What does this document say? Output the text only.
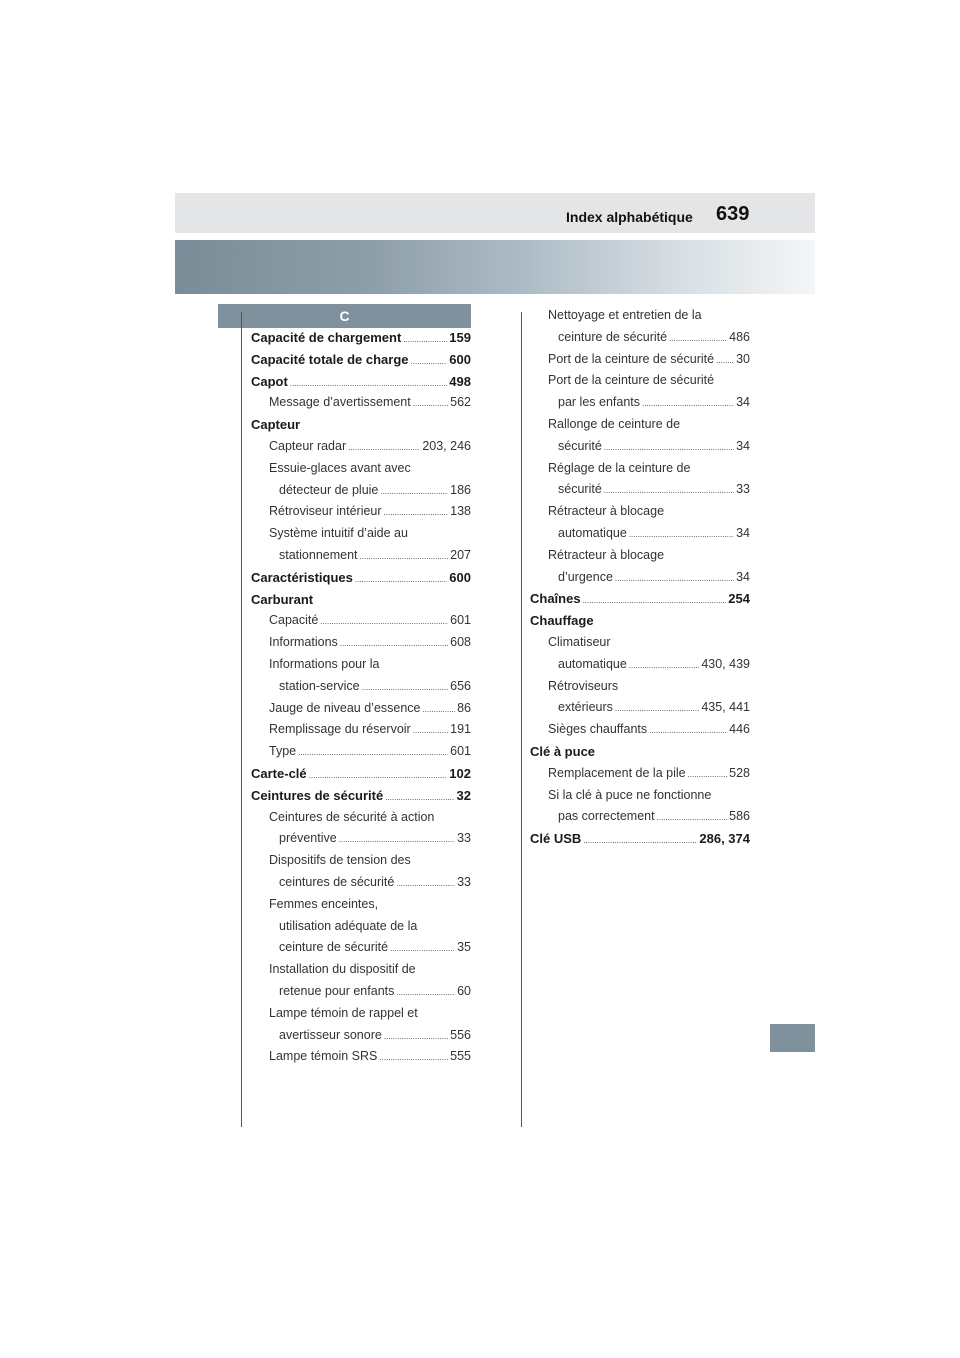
Index alphabétique 639
C
Capacité de chargement .....	159
Capacité totale de charge .....	600
Capot .....	498
Message d’avertissement .....	562
Capteur
Capteur radar .....	203, 246
Essuie-glaces avant avec
détecteur de pluie .....	186
Rétroviseur intérieur .....	138
Système intuitif d’aide au
stationnement .....	207
Caractéristiques .....	600
Carburant
Capacité .....	601
Informations .....	608
Informations pour la
station-service .....	656
Jauge de niveau d’essence .....	86
Remplissage du réservoir .....	191
Type .....	601
Carte-clé .....	102
Ceintures de sécurité .....	32
Ceintures de sécurité à action
préventive .....	33
Dispositifs de tension des
ceintures de sécurité .....	33
Femmes enceintes,
utilisation adéquate de la
ceinture de sécurité .....	35
Installation du dispositif de
retenue pour enfants .....	60
Lampe témoin de rappel et
avertisseur sonore .....	556
Lampe témoin SRS .....	555
Nettoyage et entretien de la
ceinture de sécurité .....	486
Port de la ceinture de sécurité ..... 30
Port de la ceinture de sécurité
par les enfants .....	34
Rallonge de ceinture de
sécurité .....	34
Réglage de la ceinture de
sécurité .....	33
Rétracteur à blocage
automatique .....	34
Rétracteur à blocage
d’urgence .....	34
Chaînes .....	254
Chauffage
Climatiseur
automatique .....	430, 439
Rétroviseurs
extérieurs .....	435, 441
Sièges chauffants .....	446
Clé à puce
Remplacement de la pile .....	528
Si la clé à puce ne fonctionne
pas correctement .....	586
Clé USB .....	286, 374
